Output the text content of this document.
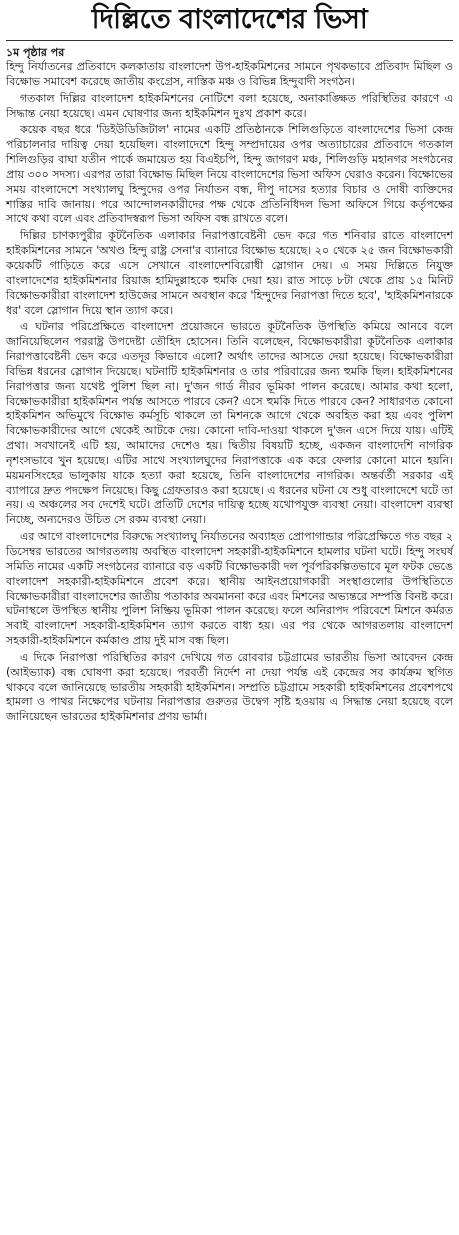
দিল্লিতে বাংলাদেশের ভিসা

১ম পৃষ্ঠার পর

হিন্দু নির্যাতনের প্রতিবাদে কলকাতায় বাংলাদেশ উপ-হাইকমিশনের সামনে পৃথকভাবে প্রতিবাদ মিছিল ও বিক্ষোভ সমাবেশ করেছে জাতীয় কংগ্রেস, নাস্তিক মঞ্চ ও বিভিন্ন হিন্দুবাদী সংগঠন।

গতকাল দিল্লির বাংলাদেশ হাইকমিশনের নোটিশে বলা হয়েছে, অনাকাঙ্ক্ষিত পরিস্থিতির কারণে এ সিদ্ধান্ত নেয়া হয়েছে। এমন ঘোষণার জন্য হাইকমিশন দুঃখ প্রকাশ করে।

কয়েক বছর ধরে 'ডিইউডিজিটাল' নামের একটি প্রতিষ্ঠানকে শিলিগুড়িতে বাংলাদেশের ভিসা কেন্দ্র পরিচালনার দায়িত্ব দেয়া হয়েছিল। বাংলাদেশে হিন্দু সম্প্রদায়ের ওপর অত্যাচারের প্রতিবাদে গতকাল শিলিগুড়ির বাঘা যতীন পার্কে জমায়েত হয় বিএইচপি, হিন্দু জাগরণ মঞ্চ, শিলিগুড়ি মহানগর সংগঠনের প্রায় ৩০০ সদস্য। এরপর তারা বিক্ষোভ মিছিল নিয়ে বাংলাদেশের ভিসা অফিস ঘেরাও করেন। বিক্ষোভের সময় বাংলাদেশে সংখ্যালঘু হিন্দুদের ওপর নির্যাতন বন্ধ, দীপু দাসের হত্যার বিচার ও দোষী ব্যক্তিদের শাস্তির দাবি জানায়। পরে আন্দোলনকারীদের পক্ষ থেকে প্রতিনিধিদল ভিসা অফিসে গিয়ে কর্তৃপক্ষের সাথে কথা বলে এবং প্রতিবাদস্বরূপ ভিসা অফিস বন্ধ রাখতে বলে।

দিল্লির চাণক্যপুরীর কূটনৈতিক এলাকার নিরাপত্তাবেষ্টনী ভেদ করে গত শনিবার রাতে বাংলাদেশ হাইকমিশনের সামনে 'অখণ্ড হিন্দু রাষ্ট্র সেনা'র ব্যানারে বিক্ষোভ হয়েছে। ২০ থেকে ২৫ জন বিক্ষোভকারী কয়েকটি গাড়িতে করে এসে সেখানে বাংলাদেশবিরোধী স্লোগান দেয়। এ সময় দিল্লিতে নিযুক্ত বাংলাদেশের হাইকমিশনার রিয়াজ হামিদুল্লাহকে হুমকি দেয়া হয়। রাত সাড়ে ৮টা থেকে প্রায় ১৫ মিনিট বিক্ষোভকারীরা বাংলাদেশ হাউজের সামনে অবস্থান করে 'হিন্দুদের নিরাপত্তা দিতে হবে', 'হাইকমিশনারকে ধর' বলে স্লোগান দিয়ে স্থান ত্যাগ করে।

এ ঘটনার পরিপ্রেক্ষিতে বাংলাদেশ প্রয়োজনে ভারতে কূটনৈতিক উপস্থিতি কমিয়ে আনবে বলে জানিয়েছিলেন পররাষ্ট্র উপদেষ্টা তৌহিদ হোসেন। তিনি বলেছেন, বিক্ষোভকারীরা কূটনৈতিক এলাকার নিরাপত্তাবেষ্টনী ভেদ করে এতদূর কিভাবে এলো? অর্থাৎ তাদের আসতে দেয়া হয়েছে। বিক্ষোভকারীরা বিভিন্ন ধরনের স্লোগান দিয়েছে। ঘটনাটি হাইকমিশনার ও তার পরিবারের জন্য হুমকি ছিল। হাইকমিশনের নিরাপত্তার জন্য যথেষ্ট পুলিশ ছিল না। দু'জন গার্ড নীরব ভূমিকা পালন করেছে। আমার কথা হলো, বিক্ষোভকারীরা হাইকমিশন পর্যন্ত আসতে পারবে কেন? এসে হুমকি দিতে পারবে কেন? সাধারণত কোনো হাইকমিশন অভিমুখে বিক্ষোভ কর্মসূচি থাকলে তা মিশনকে আগে থেকে অবহিত করা হয় এবং পুলিশ বিক্ষোভকারীদের আগে থেকেই আটকে দেয়। কোনো দাবি-দাওয়া থাকলে দু'জন এসে দিয়ে যায়। এটিই প্রথা। সবখানেই এটি হয়, আমাদের দেশেও হয়। দ্বিতীয় বিষয়টি হচ্ছে, একজন বাংলাদেশি নাগরিক নৃশংসভাবে খুন হয়েছে। এটির সাথে সংখ্যালঘুদের নিরাপত্তাকে এক করে ফেলার কোনো মানে হয়নি। ময়মনসিংহের ভালুকায় যাকে হত্যা করা হয়েছে, তিনি বাংলাদেশের নাগরিক। অন্তর্বর্তী সরকার এই ব্যাপারে দ্রুত পদক্ষেপ নিয়েছে। কিছু গ্রেফতারও করা হয়েছে। এ ধরনের ঘটনা যে শুধু বাংলাদেশে ঘটে তা নয়। এ অঞ্চলের সব দেশেই ঘটে। প্রতিটি দেশের দায়িত্ব হচ্ছে যথোপযুক্ত ব্যবস্থা নেয়া। বাংলাদেশ ব্যবস্থা নিচ্ছে, অন্যদেরও উচিত সে রকম ব্যবস্থা নেয়া।

এর আগে বাংলাদেশের বিরুদ্ধে সংখ্যালঘু নির্যাতনের অব্যাহত প্রোপাগান্ডার পরিপ্রেক্ষিতে গত বছর ২ ডিসেম্বর ভারতের আগরতলায় অবস্থিত বাংলাদেশ সহকারী-হাইকমিশনে হামলার ঘটনা ঘটে। হিন্দু সংঘর্ষ সমিতি নামের একটি সংগঠনের ব্যানারে বড় একটি বিক্ষোভকারী দল পূর্বপরিকল্পিতভাবে মূল ফটক ভেঙে বাংলাদেশ সহকারী-হাইকমিশনে প্রবেশ করে। স্থানীয় আইনপ্রয়োগকারী সংস্থাগুলোর উপস্থিতিতে বিক্ষোভকারীরা বাংলাদেশের জাতীয় পতাকার অবমাননা করে এবং মিশনের অভ্যন্তরে সম্পত্তি বিনষ্ট করে। ঘটনাস্থলে উপস্থিত স্থানীয় পুলিশ নিষ্ক্রিয় ভূমিকা পালন করেছে। ফলে অনিরাপদ পরিবেশে মিশনে কর্মরত সবাই বাংলাদেশ সহকারী-হাইকমিশন ত্যাগ করতে বাধ্য হয়। এর পর থেকে আগরতলায় বাংলাদেশ সহকারী-হাইকমিশনে কর্মকাণ্ড প্রায় দুই মাস বন্ধ ছিল।

এ দিকে নিরাপত্তা পরিস্থিতির কারণ দেখিয়ে গত রোববার চট্টগ্রামের ভারতীয় ভিসা আবেদন কেন্দ্র (আইভ্যাক) বন্ধ ঘোষণা করা হয়েছে। পরবর্তী নির্দেশ না দেয়া পর্যন্ত এই কেন্দ্রের সব কার্যক্রম স্থগিত থাকবে বলে জানিয়েছে ভারতীয় সহকারী হাইকমিশন। সম্প্রতি চট্টগ্রামে সহকারী হাইকমিশনের প্রবেশপথে হামলা ও পাথর নিক্ষেপের ঘটনায় নিরাপত্তার গুরুতর উদ্বেগ সৃষ্টি হওয়ায় এ সিদ্ধান্ত নেয়া হয়েছে বলে জানিয়েছেন ভারতের হাইকমিশনার প্রণয় ভার্মা।
